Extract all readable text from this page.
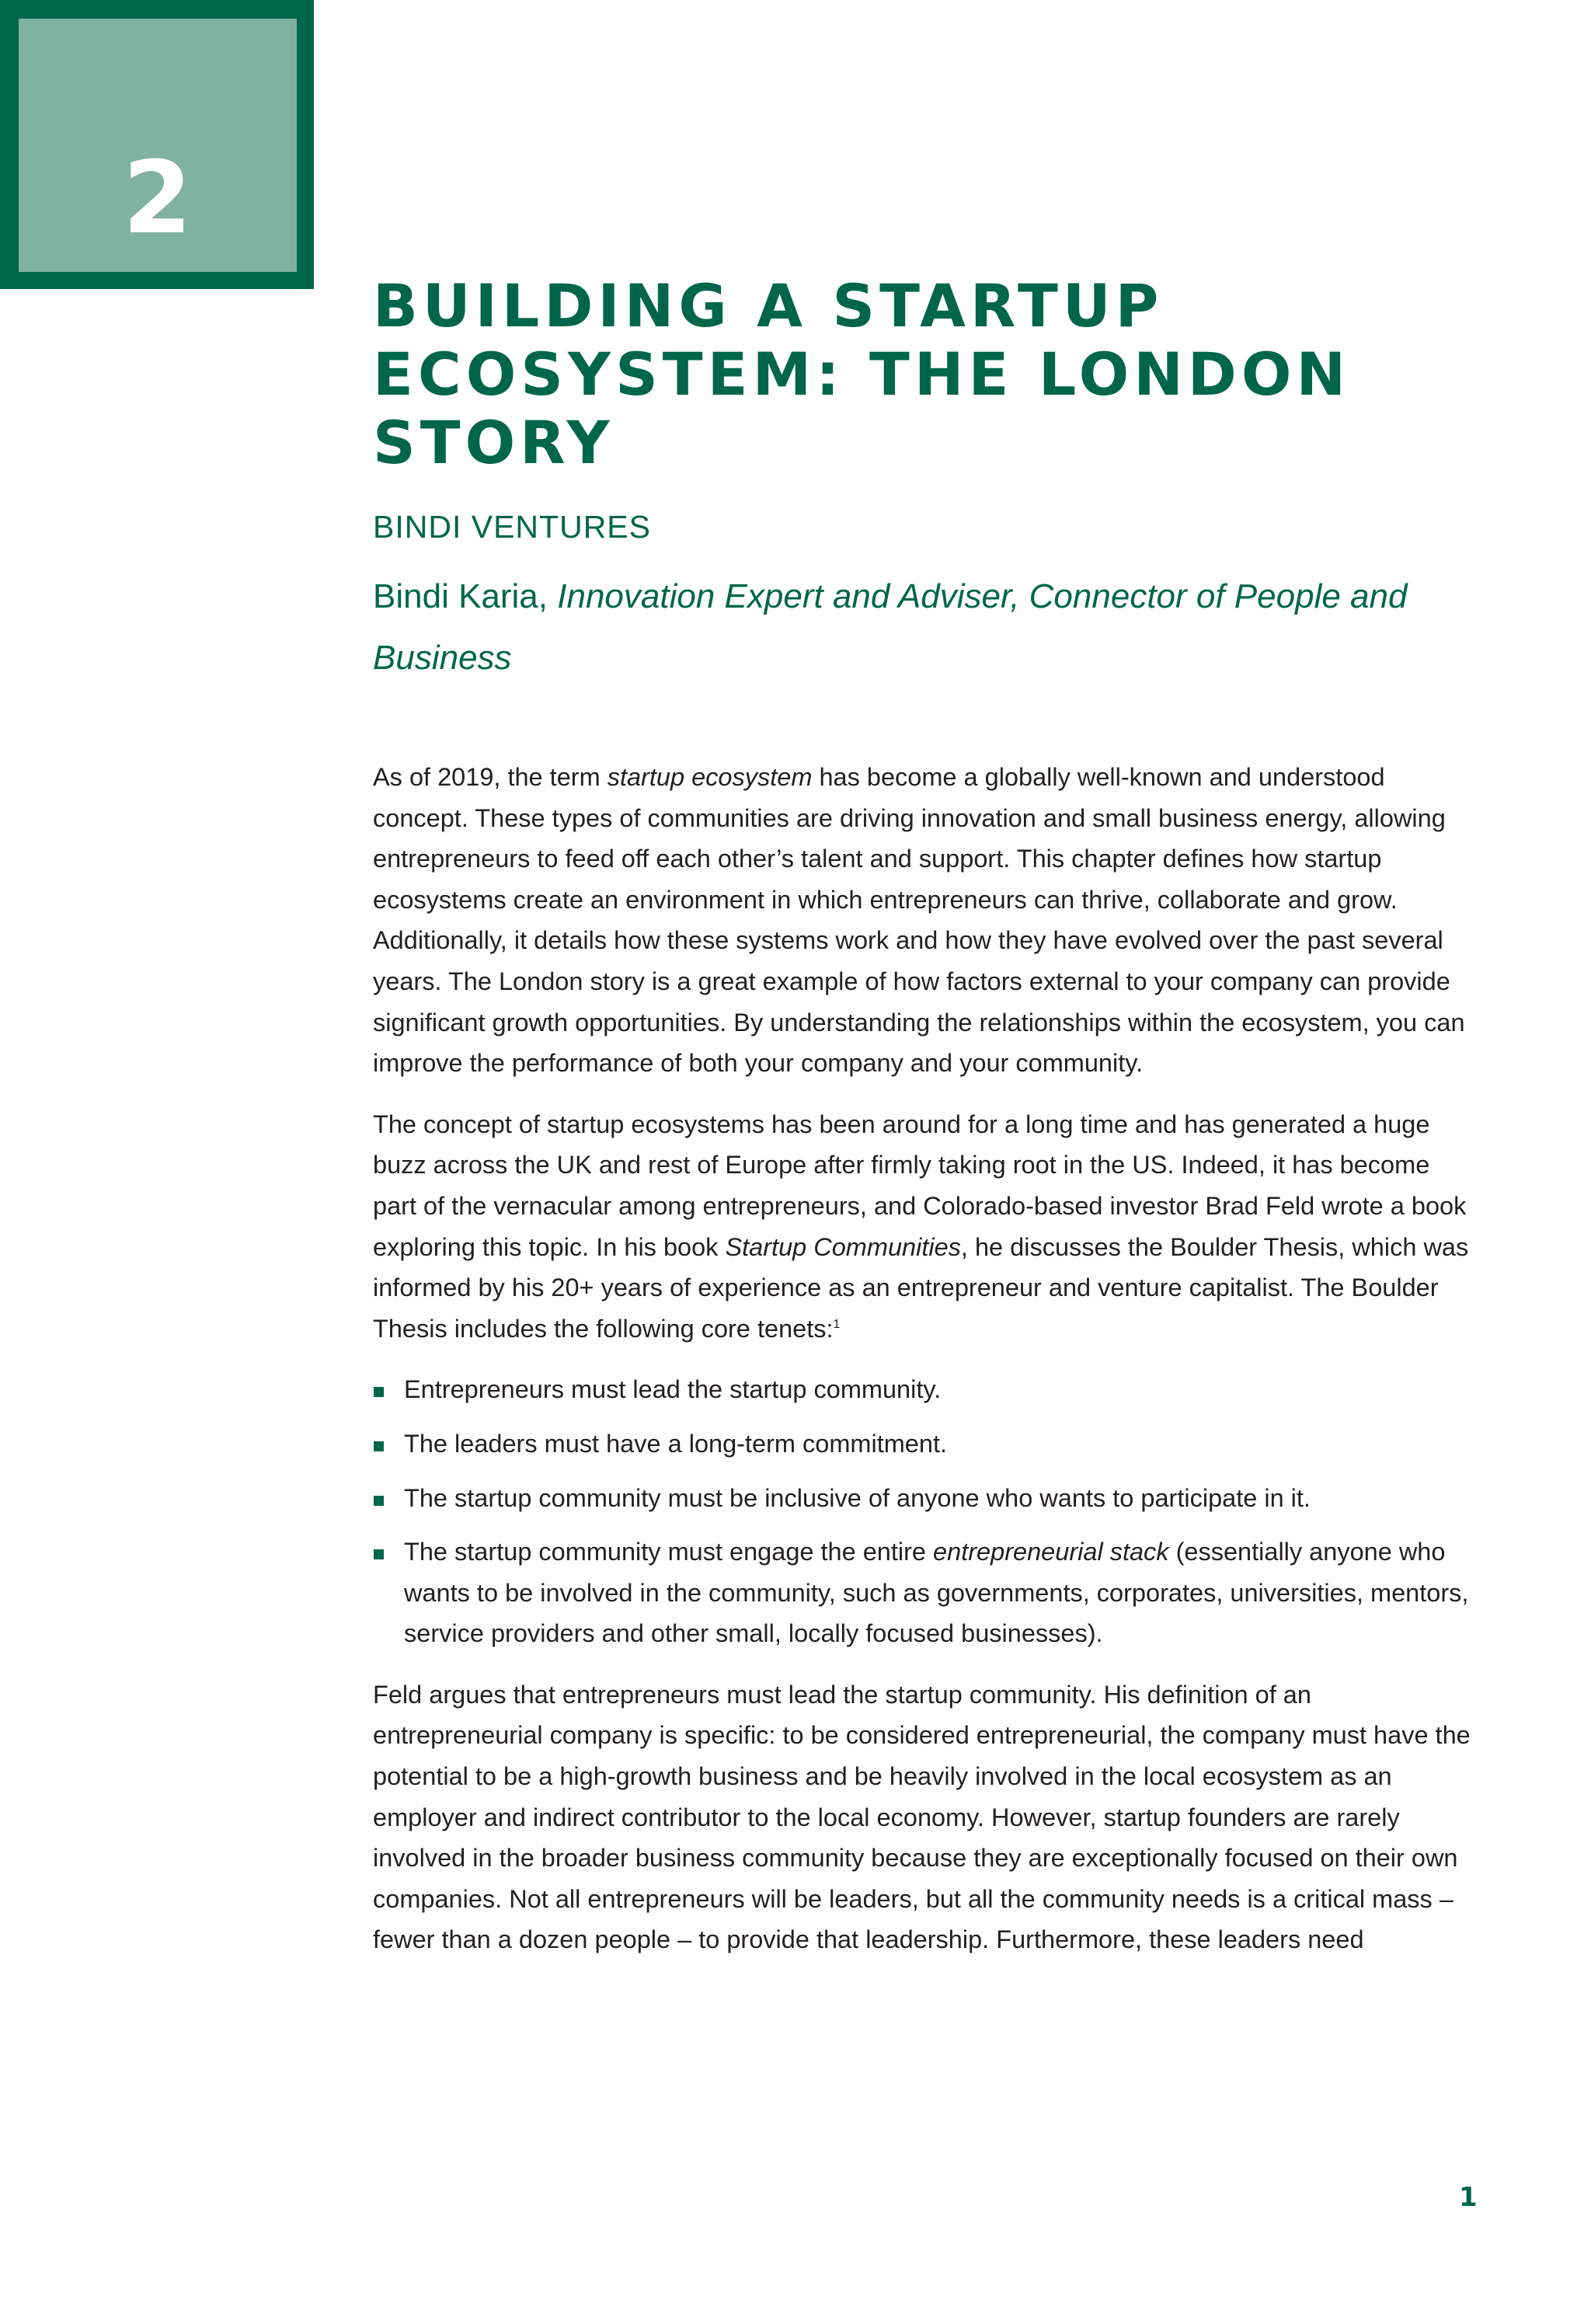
2
BUILDING A STARTUP ECOSYSTEM: THE LONDON STORY
BINDI VENTURES
Bindi Karia, Innovation Expert and Adviser, Connector of People and Business

As of 2019, the term startup ecosystem has become a globally well-known and understood concept. These types of communities are driving innovation and small business energy, allowing entrepreneurs to feed off each other’s talent and support. This chapter defines how startup ecosystems create an environment in which entrepreneurs can thrive, collaborate and grow. Additionally, it details how these systems work and how they have evolved over the past several years. The London story is a great example of how factors external to your company can provide significant growth opportunities. By understanding the relationships within the ecosystem, you can improve the performance of both your company and your community.

The concept of startup ecosystems has been around for a long time and has generated a huge buzz across the UK and rest of Europe after firmly taking root in the US. Indeed, it has become part of the vernacular among entrepreneurs, and Colorado-based investor Brad Feld wrote a book exploring this topic. In his book Startup Communities, he discusses the Boulder Thesis, which was informed by his 20+ years of experience as an entrepreneur and venture capitalist. The Boulder Thesis includes the following core tenets:$^1$

Entrepreneurs must lead the startup community.
The leaders must have a long-term commitment.
The startup community must be inclusive of anyone who wants to participate in it.
The startup community must engage the entire entrepreneurial stack (essentially anyone who wants to be involved in the community, such as governments, corporates, universities, mentors, service providers and other small, locally focused businesses).

Feld argues that entrepreneurs must lead the startup community. His definition of an entrepreneurial company is specific: to be considered entrepreneurial, the company must have the potential to be a high-growth business and be heavily involved in the local ecosystem as an employer and indirect contributor to the local economy. However, startup founders are rarely involved in the broader business community because they are exceptionally focused on their own companies. Not all entrepreneurs will be leaders, but all the community needs is a critical mass – fewer than a dozen people – to provide that leadership. Furthermore, these leaders need

1
